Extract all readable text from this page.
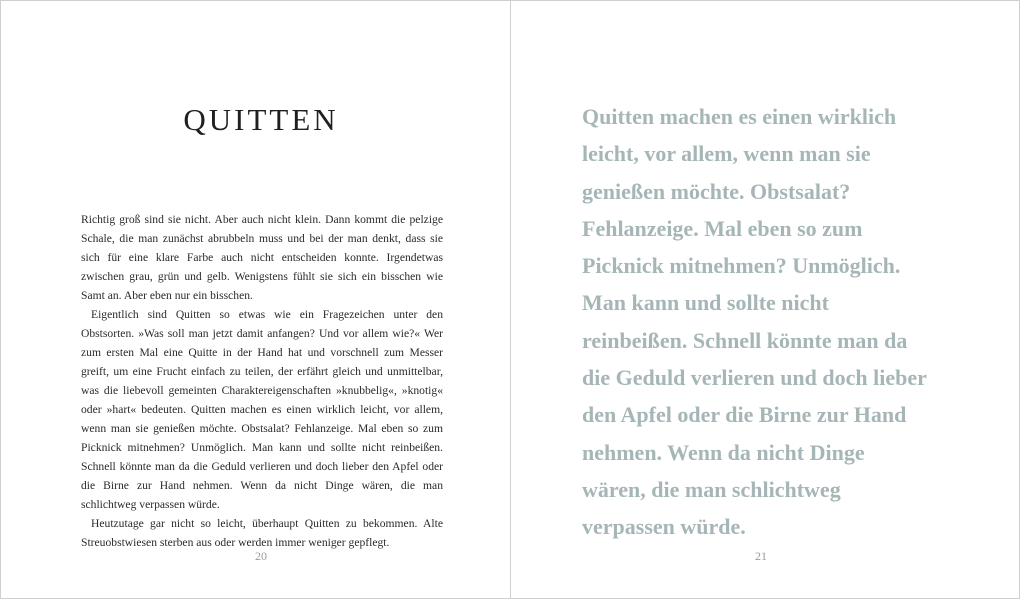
QUITTEN

Richtig groß sind sie nicht. Aber auch nicht klein. Dann kommt die pelzige Schale, die man zunächst abrubbeln muss und bei der man denkt, dass sie sich für eine klare Farbe auch nicht entscheiden konnte. Irgendetwas zwischen grau, grün und gelb. Wenigstens fühlt sie sich ein bisschen wie Samt an. Aber eben nur ein bisschen.

Eigentlich sind Quitten so etwas wie ein Fragezeichen unter den Obstsorten. »Was soll man jetzt damit anfangen? Und vor allem wie?« Wer zum ersten Mal eine Quitte in der Hand hat und vorschnell zum Messer greift, um eine Frucht einfach zu teilen, der erfährt gleich und unmittelbar, was die liebevoll gemeinten Charaktereigenschaften »knubbelig«, »knotig« oder »hart« bedeuten. Quitten machen es einen wirklich leicht, vor allem, wenn man sie genießen möchte. Obstsalat? Fehlanzeige. Mal eben so zum Picknick mitnehmen? Unmöglich. Man kann und sollte nicht reinbeißen. Schnell könnte man da die Geduld verlieren und doch lieber den Apfel oder die Birne zur Hand nehmen. Wenn da nicht Dinge wären, die man schlichtweg verpassen würde.

Heutzutage gar nicht so leicht, überhaupt Quitten zu bekommen. Alte Streuobstwiesen sterben aus oder werden immer weniger gepflegt.

20
Quitten machen es einen wirklich
leicht, vor allem, wenn man sie
genießen möchte. Obstsalat?
Fehlanzeige. Mal eben so zum
Picknick mitnehmen? Unmöglich.
Man kann und sollte nicht
reinbeißen. Schnell könnte man da
die Geduld verlieren und doch lieber
den Apfel oder die Birne zur Hand
nehmen. Wenn da nicht Dinge
wären, die man schlichtweg
verpassen würde.
21
